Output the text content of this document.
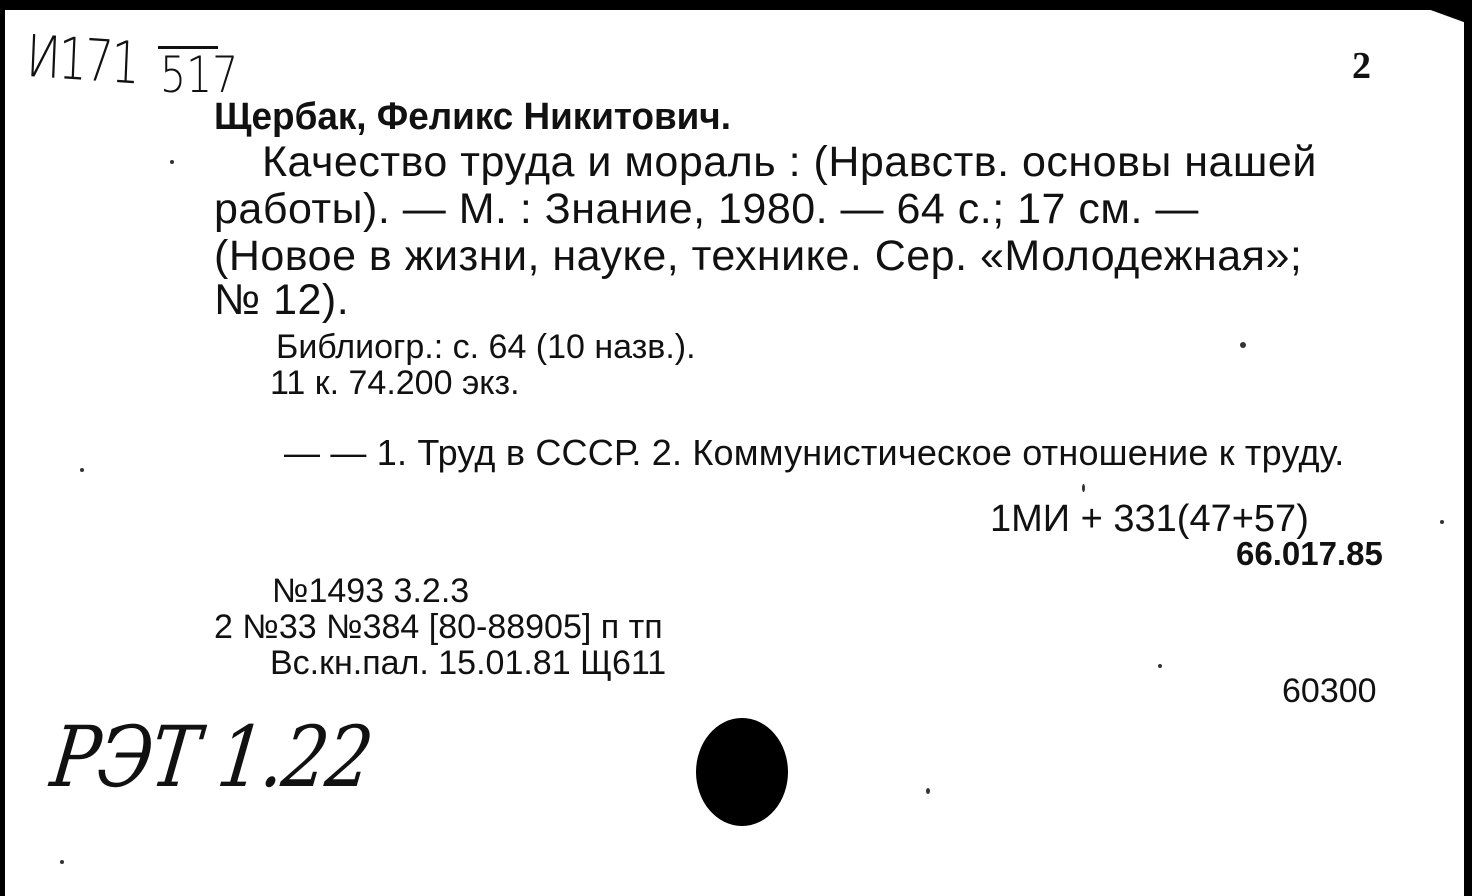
И171 517	2
Щербак, Феликс Никитович.
Качество труда и мораль : (Нравств. основы нашей
работы). — М. : Знание, 1980. — 64 с.; 17 см. —
(Новое в жизни, науке, технике. Сер. «Молодежная»;
№ 12).
Библиогр.: с. 64 (10 назв.).
11 к. 74.200 экз.
— — 1. Труд в СССР. 2. Коммунистическое отношение к труду.
1МИ + 331(47+57)
66.017.85
№1493 3.2.3
2 №33 №384 [80-88905] п тп
Вс.кн.пал. 15.01.81 Щ611
60300
РЭТ 1.22
